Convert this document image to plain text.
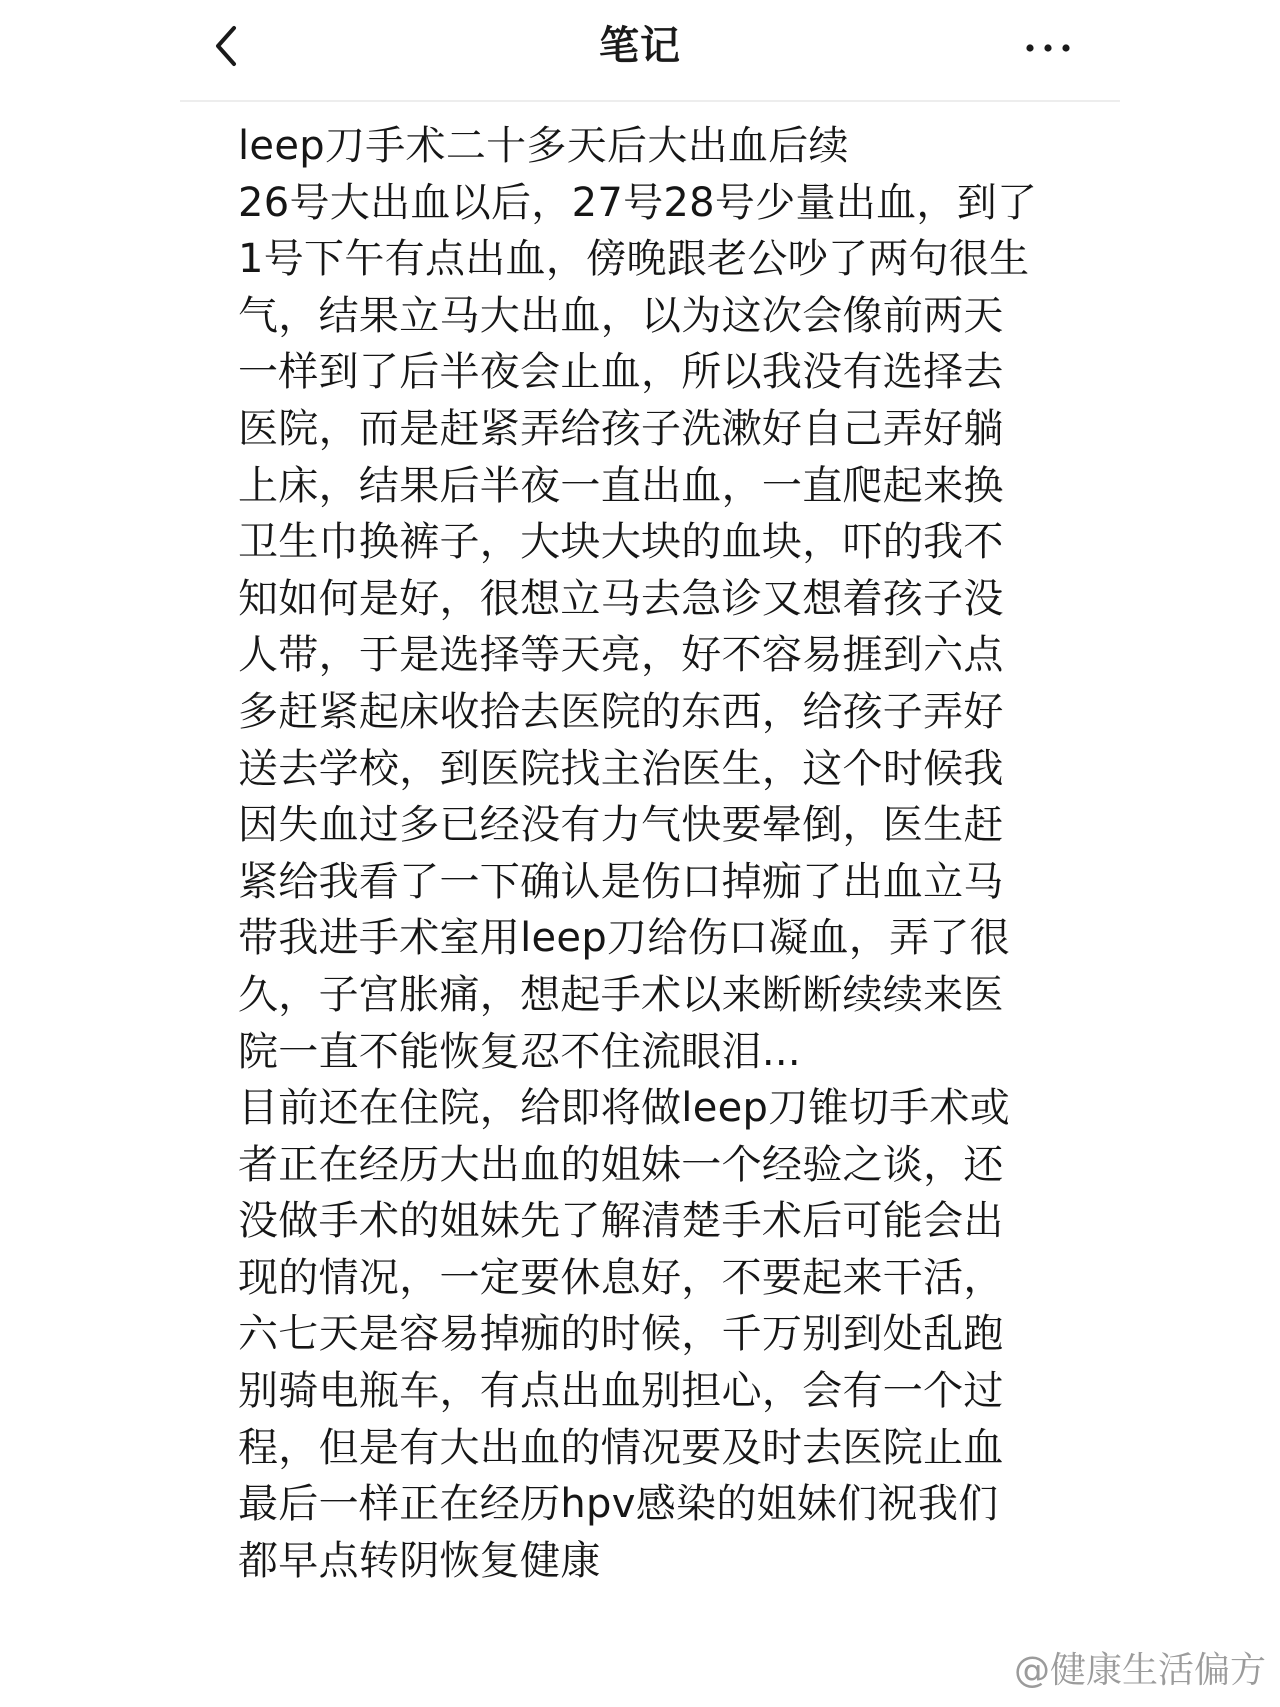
笔记

leep刀手术二十多天后大出血后续

26号大出血以后，27号28号少量出血，到了1号下午有点出血，傍晚跟老公吵了两句很生气，结果立马大出血，以为这次会像前两天一样到了后半夜会止血，所以我没有选择去医院，而是赶紧弄给孩子洗漱好自己弄好躺上床，结果后半夜一直出血，一直爬起来换卫生巾换裤子，大块大块的血块，吓的我不知如何是好，很想立马去急诊又想着孩子没人带，于是选择等天亮，好不容易捱到六点多赶紧起床收拾去医院的东西，给孩子弄好送去学校，到医院找主治医生，这个时候我因失血过多已经没有力气快要晕倒，医生赶紧给我看了一下确认是伤口掉痂了出血立马带我进手术室用leep刀给伤口凝血，弄了很久，子宫胀痛，想起手术以来断断续续来医院一直不能恢复忍不住流眼泪...

目前还在住院，给即将做leep刀锥切手术或者正在经历大出血的姐妹一个经验之谈，还没做手术的姐妹先了解清楚手术后可能会出现的情况，一定要休息好，不要起来干活，六七天是容易掉痂的时候，千万别到处乱跑别骑电瓶车，有点出血别担心，会有一个过程，但是有大出血的情况要及时去医院止血

最后一样正在经历hpv感染的姐妹们祝我们都早点转阴恢复健康

@健康生活偏方
